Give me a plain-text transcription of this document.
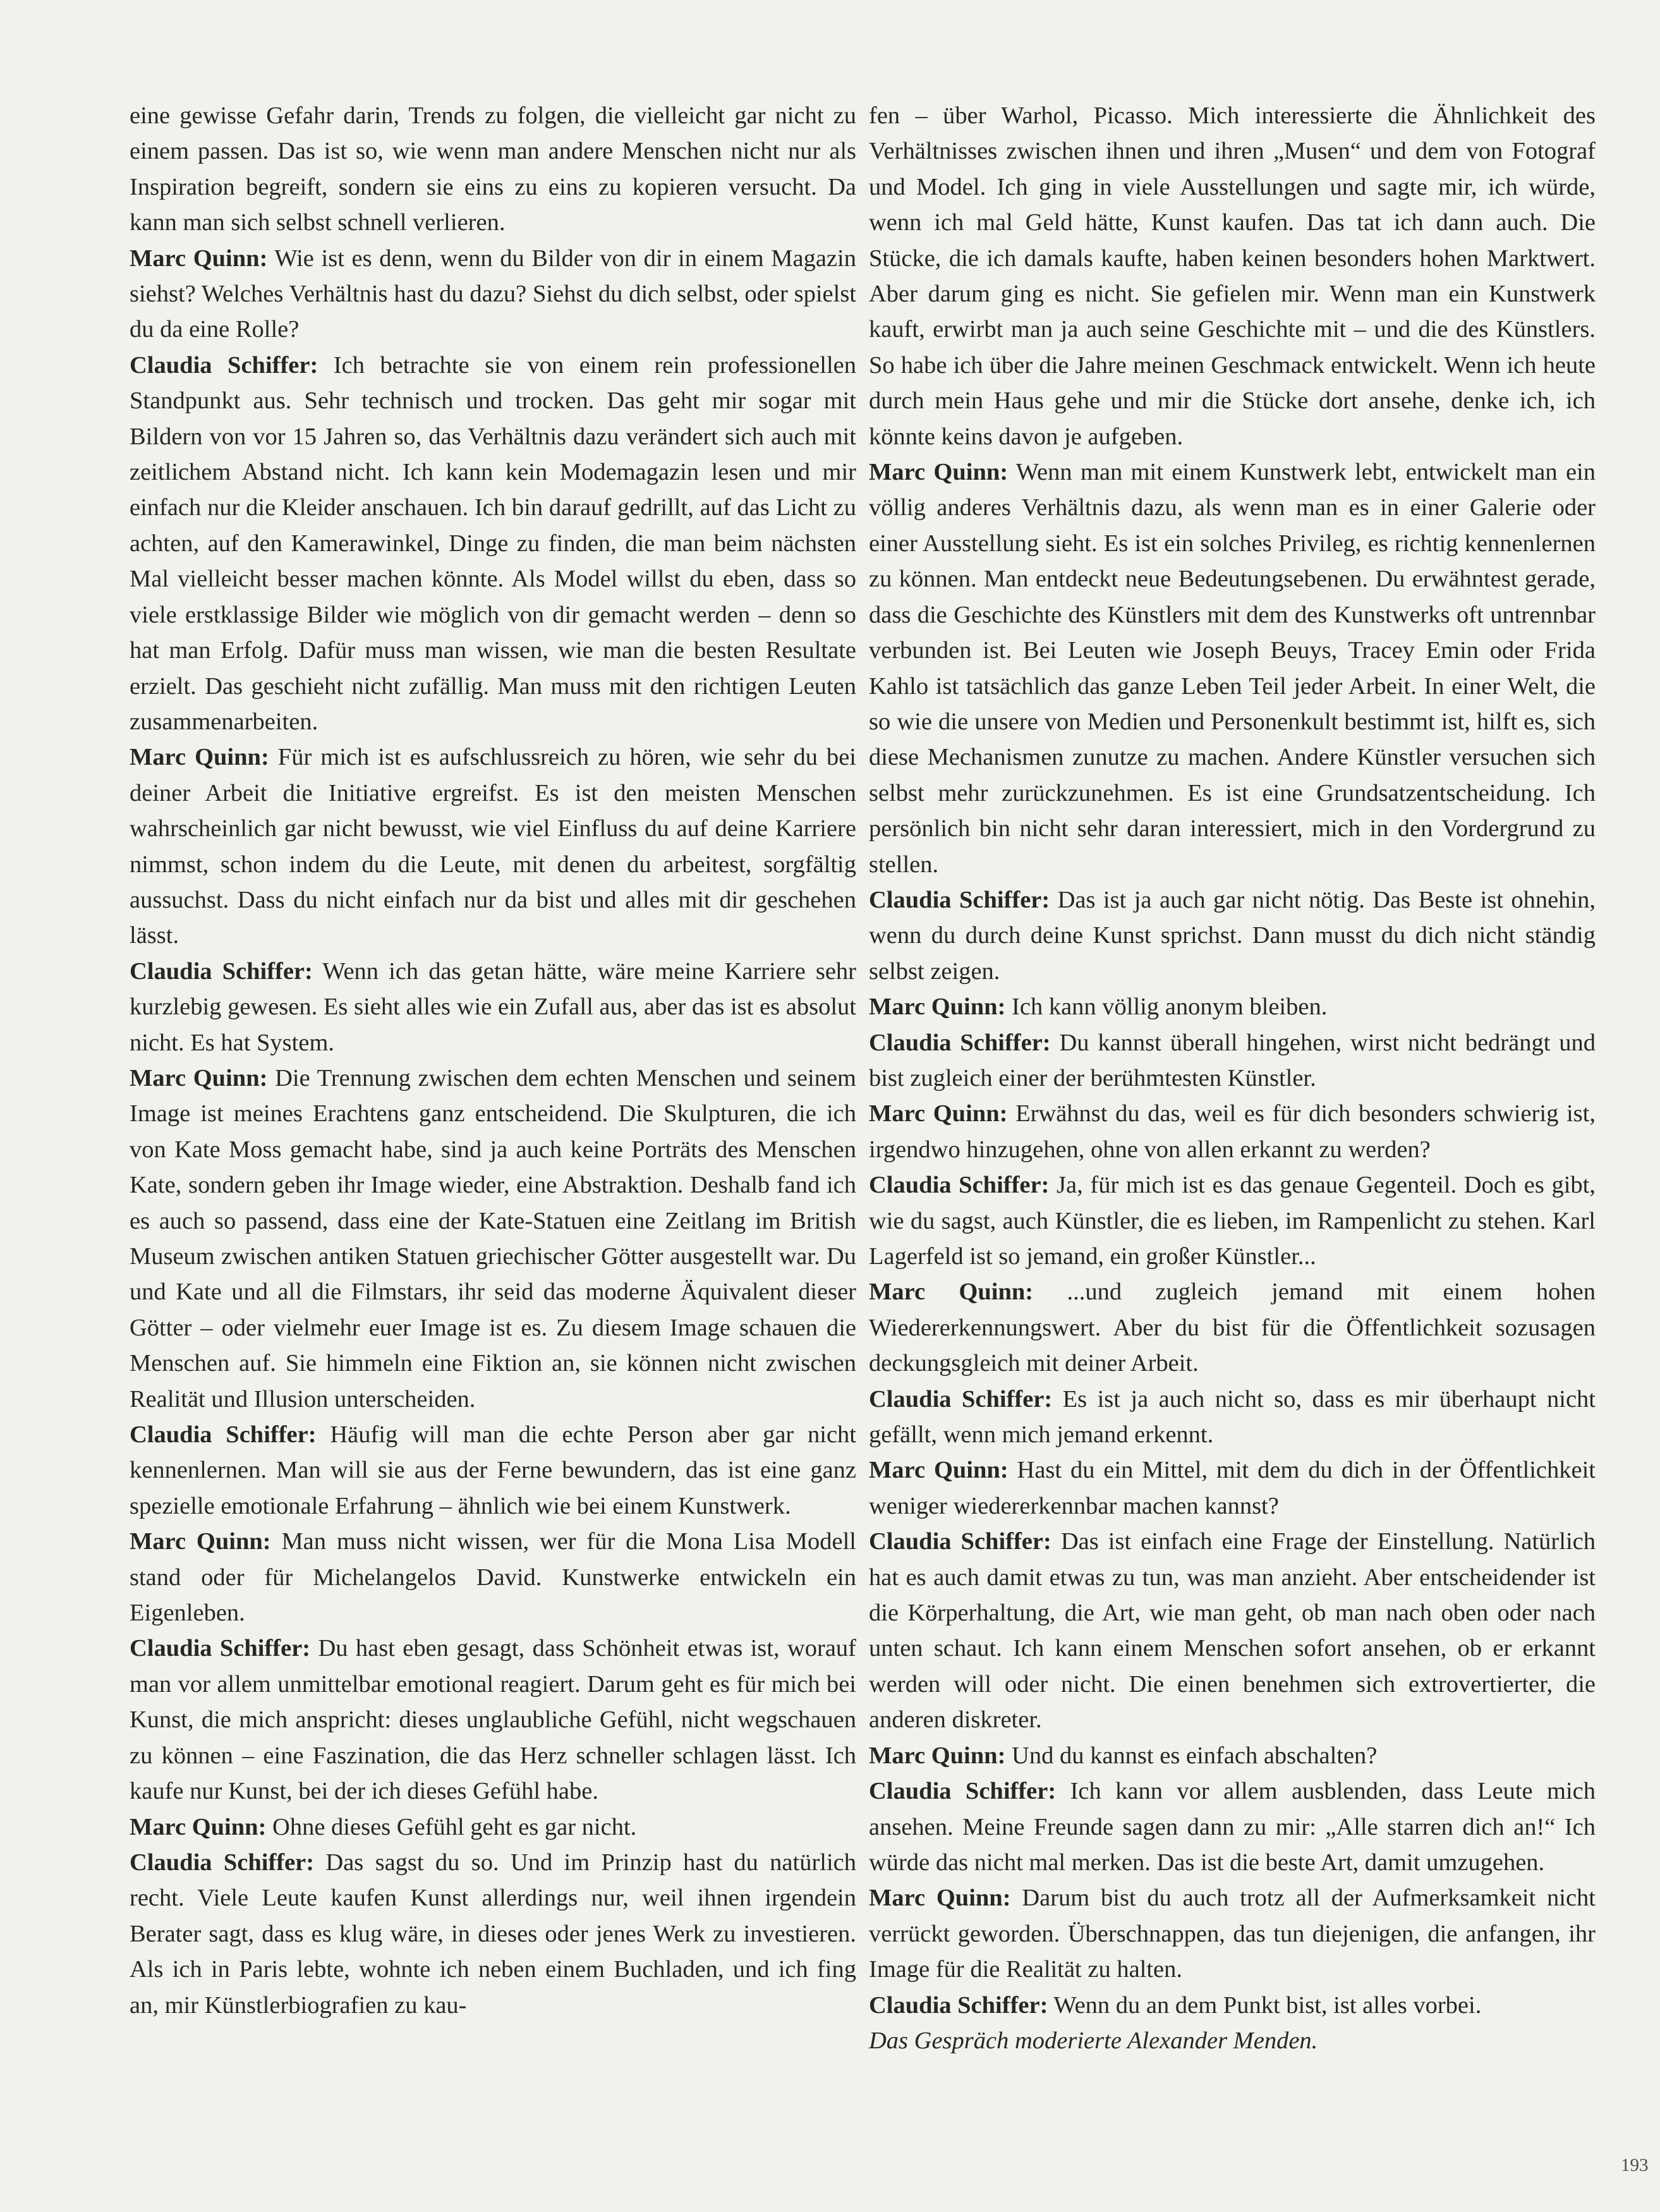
eine gewisse Gefahr darin, Trends zu folgen, die vielleicht gar nicht zu einem passen. Das ist so, wie wenn man andere Menschen nicht nur als Inspiration begreift, sondern sie eins zu eins zu kopieren versucht. Da kann man sich selbst schnell verlieren.

Marc Quinn: Wie ist es denn, wenn du Bilder von dir in einem Magazin siehst? Welches Verhältnis hast du dazu? Siehst du dich selbst, oder spielst du da eine Rolle?

Claudia Schiffer: Ich betrachte sie von einem rein professionellen Standpunkt aus. Sehr technisch und trocken. Das geht mir sogar mit Bildern von vor 15 Jahren so, das Verhältnis dazu verändert sich auch mit zeitlichem Abstand nicht. Ich kann kein Modemagazin lesen und mir einfach nur die Kleider anschauen. Ich bin darauf gedrillt, auf das Licht zu achten, auf den Kamerawinkel, Dinge zu finden, die man beim nächsten Mal vielleicht besser machen könnte. Als Model willst du eben, dass so viele erstklassige Bilder wie möglich von dir gemacht werden – denn so hat man Erfolg. Dafür muss man wissen, wie man die besten Resultate erzielt. Das geschieht nicht zufällig. Man muss mit den richtigen Leuten zusammenarbeiten.

Marc Quinn: Für mich ist es aufschlussreich zu hören, wie sehr du bei deiner Arbeit die Initiative ergreifst. Es ist den meisten Menschen wahrscheinlich gar nicht bewusst, wie viel Einfluss du auf deine Karriere nimmst, schon indem du die Leute, mit denen du arbeitest, sorgfältig aussuchst. Dass du nicht einfach nur da bist und alles mit dir geschehen lässt.

Claudia Schiffer: Wenn ich das getan hätte, wäre meine Karriere sehr kurzlebig gewesen. Es sieht alles wie ein Zufall aus, aber das ist es absolut nicht. Es hat System.

Marc Quinn: Die Trennung zwischen dem echten Menschen und seinem Image ist meines Erachtens ganz entscheidend. Die Skulpturen, die ich von Kate Moss gemacht habe, sind ja auch keine Porträts des Menschen Kate, sondern geben ihr Image wieder, eine Abstraktion. Deshalb fand ich es auch so passend, dass eine der Kate-Statuen eine Zeitlang im British Museum zwischen antiken Statuen griechischer Götter ausgestellt war. Du und Kate und all die Filmstars, ihr seid das moderne Äquivalent dieser Götter – oder vielmehr euer Image ist es. Zu diesem Image schauen die Menschen auf. Sie himmeln eine Fiktion an, sie können nicht zwischen Realität und Illusion unterscheiden.

Claudia Schiffer: Häufig will man die echte Person aber gar nicht kennenlernen. Man will sie aus der Ferne bewundern, das ist eine ganz spezielle emotionale Erfahrung – ähnlich wie bei einem Kunstwerk.

Marc Quinn: Man muss nicht wissen, wer für die Mona Lisa Modell stand oder für Michelangelos David. Kunstwerke entwickeln ein Eigenleben.

Claudia Schiffer: Du hast eben gesagt, dass Schönheit etwas ist, worauf man vor allem unmittelbar emotional reagiert. Darum geht es für mich bei Kunst, die mich anspricht: dieses unglaubliche Gefühl, nicht wegschauen zu können – eine Faszination, die das Herz schneller schlagen lässt. Ich kaufe nur Kunst, bei der ich dieses Gefühl habe.

Marc Quinn: Ohne dieses Gefühl geht es gar nicht.

Claudia Schiffer: Das sagst du so. Und im Prinzip hast du natürlich recht. Viele Leute kaufen Kunst allerdings nur, weil ihnen irgendein Berater sagt, dass es klug wäre, in dieses oder jenes Werk zu investieren. Als ich in Paris lebte, wohnte ich neben einem Buchladen, und ich fing an, mir Künstlerbiografien zu kau-

fen – über Warhol, Picasso. Mich interessierte die Ähnlichkeit des Verhältnisses zwischen ihnen und ihren „Musen“ und dem von Fotograf und Model. Ich ging in viele Ausstellungen und sagte mir, ich würde, wenn ich mal Geld hätte, Kunst kaufen. Das tat ich dann auch. Die Stücke, die ich damals kaufte, haben keinen besonders hohen Marktwert. Aber darum ging es nicht. Sie gefielen mir. Wenn man ein Kunstwerk kauft, erwirbt man ja auch seine Geschichte mit – und die des Künstlers. So habe ich über die Jahre meinen Geschmack entwickelt. Wenn ich heute durch mein Haus gehe und mir die Stücke dort ansehe, denke ich, ich könnte keins davon je aufgeben.

Marc Quinn: Wenn man mit einem Kunstwerk lebt, entwickelt man ein völlig anderes Verhältnis dazu, als wenn man es in einer Galerie oder einer Ausstellung sieht. Es ist ein solches Privileg, es richtig kennenlernen zu können. Man entdeckt neue Bedeutungsebenen. Du erwähntest gerade, dass die Geschichte des Künstlers mit dem des Kunstwerks oft untrennbar verbunden ist. Bei Leuten wie Joseph Beuys, Tracey Emin oder Frida Kahlo ist tatsächlich das ganze Leben Teil jeder Arbeit. In einer Welt, die so wie die unsere von Medien und Personenkult bestimmt ist, hilft es, sich diese Mechanismen zunutze zu machen. Andere Künstler versuchen sich selbst mehr zurückzunehmen. Es ist eine Grundsatzentscheidung. Ich persönlich bin nicht sehr daran interessiert, mich in den Vordergrund zu stellen.

Claudia Schiffer: Das ist ja auch gar nicht nötig. Das Beste ist ohnehin, wenn du durch deine Kunst sprichst. Dann musst du dich nicht ständig selbst zeigen.

Marc Quinn: Ich kann völlig anonym bleiben.

Claudia Schiffer: Du kannst überall hingehen, wirst nicht bedrängt und bist zugleich einer der berühmtesten Künstler.

Marc Quinn: Erwähnst du das, weil es für dich besonders schwierig ist, irgendwo hinzugehen, ohne von allen erkannt zu werden?

Claudia Schiffer: Ja, für mich ist es das genaue Gegenteil. Doch es gibt, wie du sagst, auch Künstler, die es lieben, im Rampenlicht zu stehen. Karl Lagerfeld ist so jemand, ein großer Künstler...

Marc Quinn: ...und zugleich jemand mit einem hohen Wiedererkennungswert. Aber du bist für die Öffentlichkeit sozusagen deckungsgleich mit deiner Arbeit.

Claudia Schiffer: Es ist ja auch nicht so, dass es mir überhaupt nicht gefällt, wenn mich jemand erkennt.

Marc Quinn: Hast du ein Mittel, mit dem du dich in der Öffentlichkeit weniger wiedererkennbar machen kannst?

Claudia Schiffer: Das ist einfach eine Frage der Einstellung. Natürlich hat es auch damit etwas zu tun, was man anzieht. Aber entscheidender ist die Körperhaltung, die Art, wie man geht, ob man nach oben oder nach unten schaut. Ich kann einem Menschen sofort ansehen, ob er erkannt werden will oder nicht. Die einen benehmen sich extrovertierter, die anderen diskreter.

Marc Quinn: Und du kannst es einfach abschalten?

Claudia Schiffer: Ich kann vor allem ausblenden, dass Leute mich ansehen. Meine Freunde sagen dann zu mir: „Alle starren dich an!“ Ich würde das nicht mal merken. Das ist die beste Art, damit umzugehen.

Marc Quinn: Darum bist du auch trotz all der Aufmerksamkeit nicht verrückt geworden. Überschnappen, das tun diejenigen, die anfangen, ihr Image für die Realität zu halten.

Claudia Schiffer: Wenn du an dem Punkt bist, ist alles vorbei.

Das Gespräch moderierte Alexander Menden.

193
